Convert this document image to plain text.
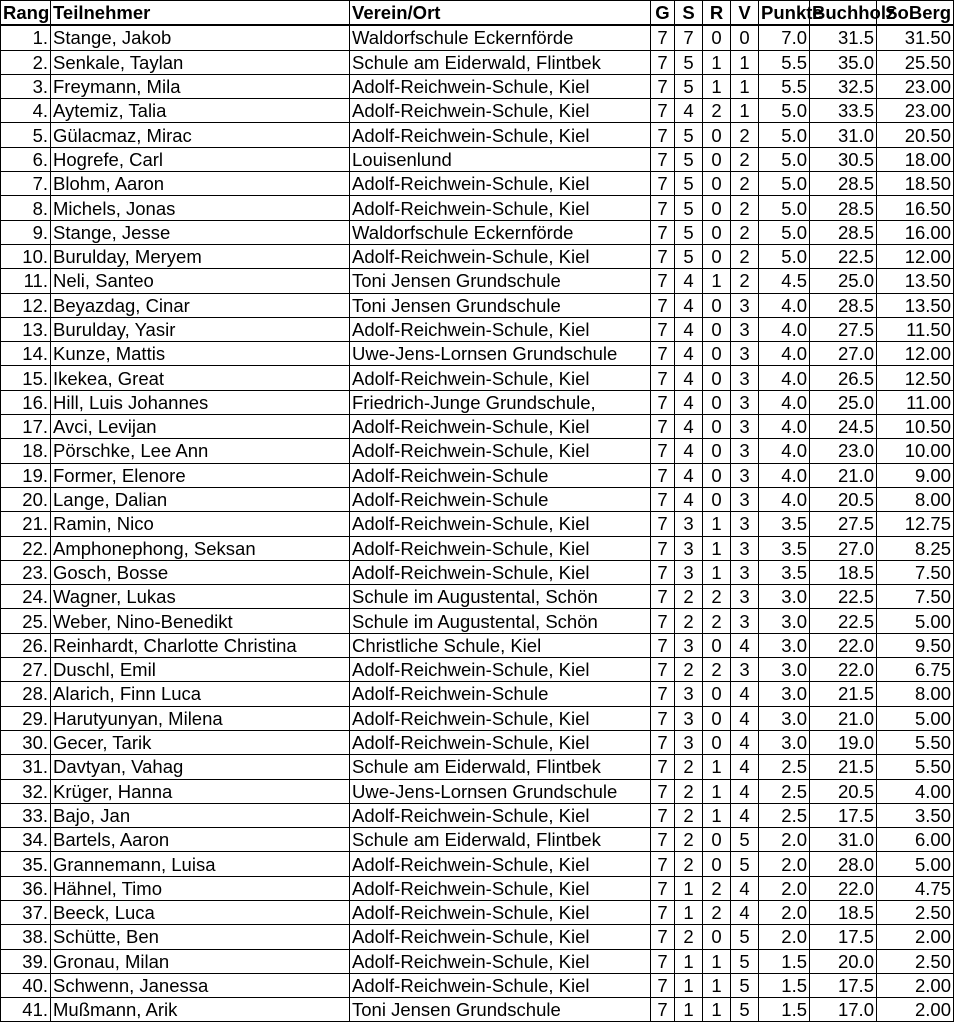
Rang	Teilnehmer	Verein/Ort	G	S	R	V	Punkte	Buchholz	SoBerg
1.	Stange, Jakob	Waldorfschule Eckernförde	7	7	0	0	7.0	31.5	31.50
2.	Senkale, Taylan	Schule am Eiderwald, Flintbek	7	5	1	1	5.5	35.0	25.50
3.	Freymann, Mila	Adolf-Reichwein-Schule, Kiel	7	5	1	1	5.5	32.5	23.00
4.	Aytemiz, Talia	Adolf-Reichwein-Schule, Kiel	7	4	2	1	5.0	33.5	23.00
5.	Gülacmaz, Mirac	Adolf-Reichwein-Schule, Kiel	7	5	0	2	5.0	31.0	20.50
6.	Hogrefe, Carl	Louisenlund	7	5	0	2	5.0	30.5	18.00
7.	Blohm, Aaron	Adolf-Reichwein-Schule, Kiel	7	5	0	2	5.0	28.5	18.50
8.	Michels, Jonas	Adolf-Reichwein-Schule, Kiel	7	5	0	2	5.0	28.5	16.50
9.	Stange, Jesse	Waldorfschule Eckernförde	7	5	0	2	5.0	28.5	16.00
10.	Burulday, Meryem	Adolf-Reichwein-Schule, Kiel	7	5	0	2	5.0	22.5	12.00
11.	Neli, Santeo	Toni Jensen Grundschule	7	4	1	2	4.5	25.0	13.50
12.	Beyazdag, Cinar	Toni Jensen Grundschule	7	4	0	3	4.0	28.5	13.50
13.	Burulday, Yasir	Adolf-Reichwein-Schule, Kiel	7	4	0	3	4.0	27.5	11.50
14.	Kunze, Mattis	Uwe-Jens-Lornsen Grundschule	7	4	0	3	4.0	27.0	12.00
15.	Ikekea, Great	Adolf-Reichwein-Schule, Kiel	7	4	0	3	4.0	26.5	12.50
16.	Hill, Luis Johannes	Friedrich-Junge Grundschule,	7	4	0	3	4.0	25.0	11.00
17.	Avci, Levijan	Adolf-Reichwein-Schule, Kiel	7	4	0	3	4.0	24.5	10.50
18.	Pörschke, Lee Ann	Adolf-Reichwein-Schule, Kiel	7	4	0	3	4.0	23.0	10.00
19.	Former, Elenore	Adolf-Reichwein-Schule	7	4	0	3	4.0	21.0	9.00
20.	Lange, Dalian	Adolf-Reichwein-Schule	7	4	0	3	4.0	20.5	8.00
21.	Ramin, Nico	Adolf-Reichwein-Schule, Kiel	7	3	1	3	3.5	27.5	12.75
22.	Amphonephong, Seksan	Adolf-Reichwein-Schule, Kiel	7	3	1	3	3.5	27.0	8.25
23.	Gosch, Bosse	Adolf-Reichwein-Schule, Kiel	7	3	1	3	3.5	18.5	7.50
24.	Wagner, Lukas	Schule im Augustental, Schön	7	2	2	3	3.0	22.5	7.50
25.	Weber, Nino-Benedikt	Schule im Augustental, Schön	7	2	2	3	3.0	22.5	5.00
26.	Reinhardt, Charlotte Christina	Christliche Schule, Kiel	7	3	0	4	3.0	22.0	9.50
27.	Duschl, Emil	Adolf-Reichwein-Schule, Kiel	7	2	2	3	3.0	22.0	6.75
28.	Alarich, Finn Luca	Adolf-Reichwein-Schule	7	3	0	4	3.0	21.5	8.00
29.	Harutyunyan, Milena	Adolf-Reichwein-Schule, Kiel	7	3	0	4	3.0	21.0	5.00
30.	Gecer, Tarik	Adolf-Reichwein-Schule, Kiel	7	3	0	4	3.0	19.0	5.50
31.	Davtyan, Vahag	Schule am Eiderwald, Flintbek	7	2	1	4	2.5	21.5	5.50
32.	Krüger, Hanna	Uwe-Jens-Lornsen Grundschule	7	2	1	4	2.5	20.5	4.00
33.	Bajo, Jan	Adolf-Reichwein-Schule, Kiel	7	2	1	4	2.5	17.5	3.50
34.	Bartels, Aaron	Schule am Eiderwald, Flintbek	7	2	0	5	2.0	31.0	6.00
35.	Grannemann, Luisa	Adolf-Reichwein-Schule, Kiel	7	2	0	5	2.0	28.0	5.00
36.	Hähnel, Timo	Adolf-Reichwein-Schule, Kiel	7	1	2	4	2.0	22.0	4.75
37.	Beeck, Luca	Adolf-Reichwein-Schule, Kiel	7	1	2	4	2.0	18.5	2.50
38.	Schütte, Ben	Adolf-Reichwein-Schule, Kiel	7	2	0	5	2.0	17.5	2.00
39.	Gronau, Milan	Adolf-Reichwein-Schule, Kiel	7	1	1	5	1.5	20.0	2.50
40.	Schwenn, Janessa	Adolf-Reichwein-Schule, Kiel	7	1	1	5	1.5	17.5	2.00
41.	Mußmann, Arik	Toni Jensen Grundschule	7	1	1	5	1.5	17.0	2.00
